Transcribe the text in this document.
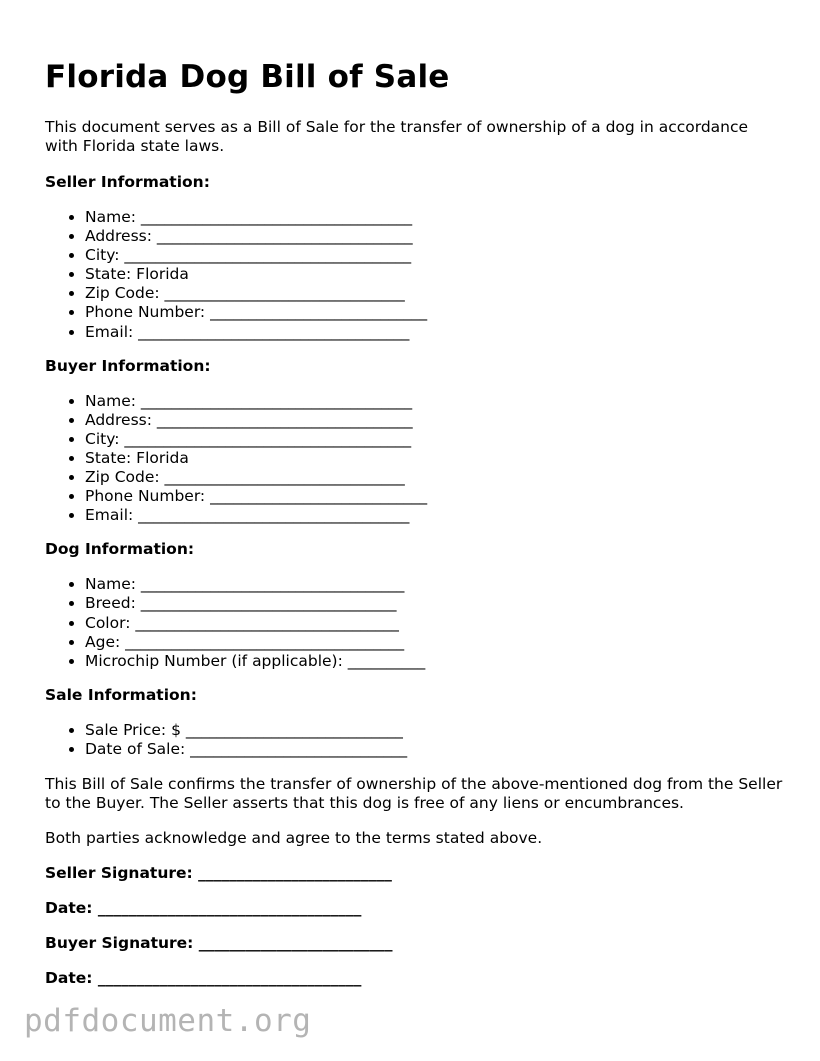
Florida Dog Bill of Sale

This document serves as a Bill of Sale for the transfer of ownership of a dog in accordance with Florida state laws.

Seller Information:
• Name: ___________________________________
• Address: _________________________________
• City: _____________________________________
• State: Florida
• Zip Code: _______________________________
• Phone Number: ____________________________
• Email: ___________________________________
Buyer Information:
• Name: ___________________________________
• Address: _________________________________
• City: _____________________________________
• State: Florida
• Zip Code: _______________________________
• Phone Number: ____________________________
• Email: ___________________________________
Dog Information:
• Name: __________________________________
• Breed: _________________________________
• Color: __________________________________
• Age: ____________________________________
• Microchip Number (if applicable): __________
Sale Information:
• Sale Price: $ ____________________________
• Date of Sale: ____________________________

This Bill of Sale confirms the transfer of ownership of the above-mentioned dog from the Seller to the Buyer. The Seller asserts that this dog is free of any liens or encumbrances.

Both parties acknowledge and agree to the terms stated above.

Seller Signature: _________________________
Date: __________________________________
Buyer Signature: _________________________
Date: __________________________________
pdfdocument.org
